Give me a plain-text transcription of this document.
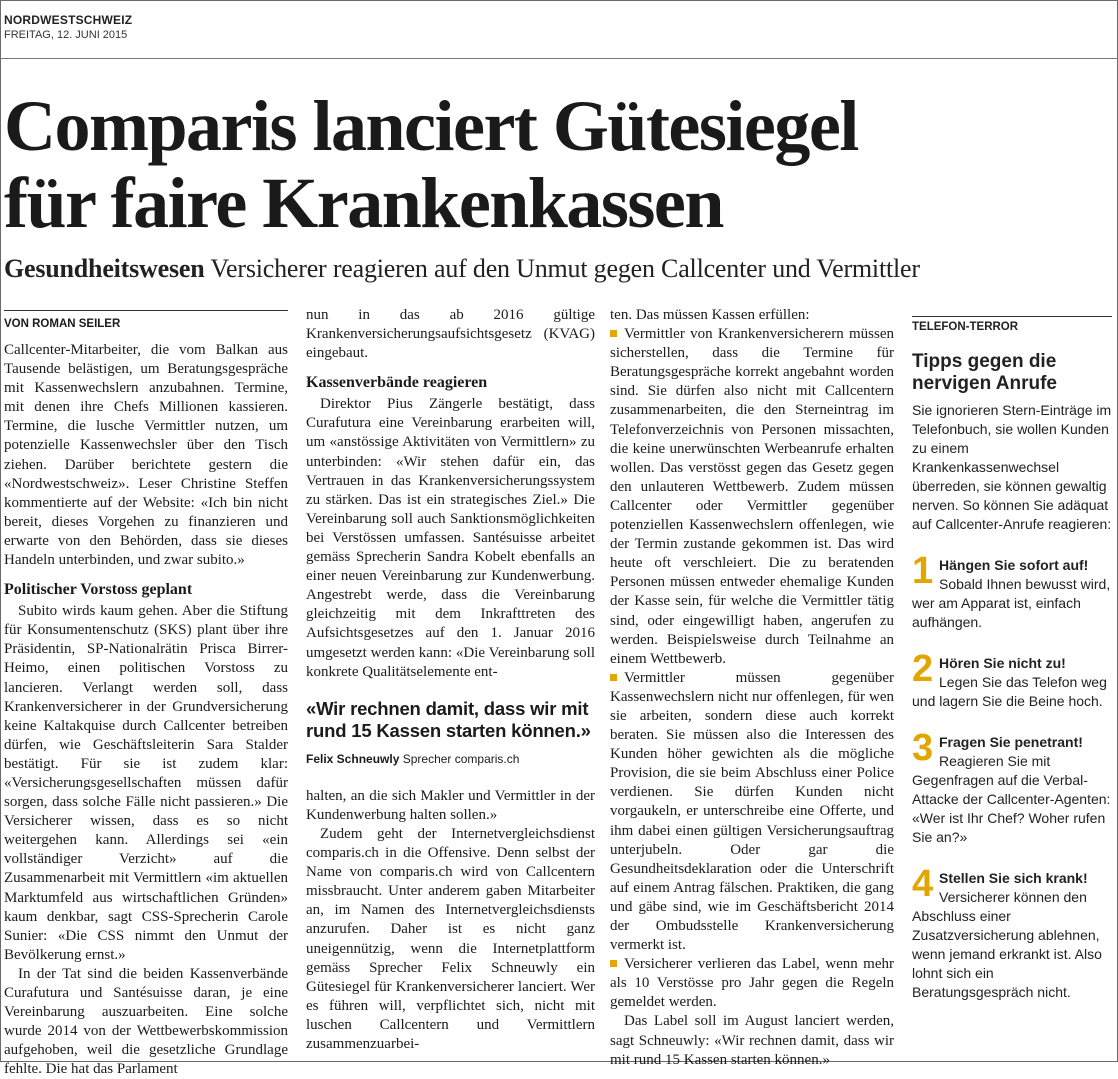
NORDWESTSCHWEIZ
FREITAG, 12. JUNI 2015
Comparis lanciert Gütesiegel
für faire Krankenkassen
Gesundheitswesen Versicherer reagieren auf den Unmut gegen Callcenter und Vermittler
VON ROMAN SEILER

Callcenter-Mitarbeiter, die vom Balkan aus Tausende belästigen, um Beratungsgespräche mit Kassenwechslern anzubahnen. Termine, mit denen ihre Chefs Millionen kassieren. Termine, die lusche Vermittler nutzen, um potenzielle Kassenwechsler über den Tisch ziehen. Darüber berichtete gestern die «Nordwestschweiz». Leser Christine Steffen kommentierte auf der Website: «Ich bin nicht bereit, dieses Vorgehen zu finanzieren und erwarte von den Behörden, dass sie dieses Handeln unterbinden, und zwar subito.»

Politischer Vorstoss geplant

Subito wirds kaum gehen. Aber die Stiftung für Konsumentenschutz (SKS) plant über ihre Präsidentin, SP-Nationalrätin Prisca Birrer-Heimo, einen politischen Vorstoss zu lancieren. Verlangt werden soll, dass Krankenversicherer in der Grundversicherung keine Kaltakquise durch Callcenter betreiben dürfen, wie Geschäftsleiterin Sara Stalder bestätigt. Für sie ist zudem klar: «Versicherungsgesellschaften müssen dafür sorgen, dass solche Fälle nicht passieren.» Die Versicherer wissen, dass es so nicht weitergehen kann. Allerdings sei «ein vollständiger Verzicht» auf die Zusammenarbeit mit Vermittlern «im aktuellen Marktumfeld aus wirtschaftlichen Gründen» kaum denkbar, sagt CSS-Sprecherin Carole Sunier: «Die CSS nimmt den Unmut der Bevölkerung ernst.»

In der Tat sind die beiden Kassenverbände Curafutura und Santésuisse daran, je eine Vereinbarung auszuarbeiten. Eine solche wurde 2014 von der Wettbewerbskommission aufgehoben, weil die gesetzliche Grundlage fehlte. Die hat das Parlament

nun in das ab 2016 gültige Krankenversicherungsaufsichtsgesetz (KVAG) eingebaut.

Kassenverbände reagieren

Direktor Pius Zängerle bestätigt, dass Curafutura eine Vereinbarung erarbeiten will, um «anstössige Aktivitäten von Vermittlern» zu unterbinden: «Wir stehen dafür ein, das Vertrauen in das Krankenversicherungssystem zu stärken. Das ist ein strategisches Ziel.» Die Vereinbarung soll auch Sanktionsmöglichkeiten bei Verstössen umfassen. Santésuisse arbeitet gemäss Sprecherin Sandra Kobelt ebenfalls an einer neuen Vereinbarung zur Kundenwerbung. Angestrebt werde, dass die Vereinbarung gleichzeitig mit dem Inkrafttreten des Aufsichtsgesetzes auf den 1. Januar 2016 umgesetzt werden kann: «Die Vereinbarung soll konkrete Qualitätselemente ent-

«Wir rechnen damit, dass wir mit rund 15 Kassen starten können.»
Felix Schneuwly Sprecher comparis.ch

halten, an die sich Makler und Vermittler in der Kundenwerbung halten sollen.»

Zudem geht der Internetvergleichsdienst comparis.ch in die Offensive. Denn selbst der Name von comparis.ch wird von Callcentern missbraucht. Unter anderem gaben Mitarbeiter an, im Namen des Internetvergleichsdiensts anzurufen. Daher ist es nicht ganz uneigennützig, wenn die Internetplattform gemäss Sprecher Felix Schneuwly ein Gütesiegel für Krankenversicherer lanciert. Wer es führen will, verpflichtet sich, nicht mit luschen Callcentern und Vermittlern zusammenzuarbei-

ten. Das müssen Kassen erfüllen:

Vermittler von Krankenversicherern müssen sicherstellen, dass die Termine für Beratungsgespräche korrekt angebahnt worden sind. Sie dürfen also nicht mit Callcentern zusammenarbeiten, die den Sterneintrag im Telefonverzeichnis von Personen missachten, die keine unerwünschten Werbeanrufe erhalten wollen. Das verstösst gegen das Gesetz gegen den unlauteren Wettbewerb. Zudem müssen Callcenter oder Vermittler gegenüber potenziellen Kassenwechslern offenlegen, wie der Termin zustande gekommen ist. Das wird heute oft verschleiert. Die zu beratenden Personen müssen entweder ehemalige Kunden der Kasse sein, für welche die Vermittler tätig sind, oder eingewilligt haben, angerufen zu werden. Beispielsweise durch Teilnahme an einem Wettbewerb.

Vermittler müssen gegenüber Kassenwechslern nicht nur offenlegen, für wen sie arbeiten, sondern diese auch korrekt beraten. Sie müssen also die Interessen des Kunden höher gewichten als die mögliche Provision, die sie beim Abschluss einer Police verdienen. Sie dürfen Kunden nicht vorgaukeln, er unterschreibe eine Offerte, und ihm dabei einen gültigen Versicherungsauftrag unterjubeln. Oder gar die Gesundheitsdeklaration oder die Unterschrift auf einem Antrag fälschen. Praktiken, die gang und gäbe sind, wie im Geschäftsbericht 2014 der Ombudsstelle Krankenversicherung vermerkt ist.

Versicherer verlieren das Label, wenn mehr als 10 Verstösse pro Jahr gegen die Regeln gemeldet werden.

Das Label soll im August lanciert werden, sagt Schneuwly: «Wir rechnen damit, dass wir mit rund 15 Kassen starten können.»

TELEFON-TERROR
Tipps gegen die nervigen Anrufe
Sie ignorieren Stern-Einträge im Telefonbuch, sie wollen Kunden zu einem Krankenkassenwechsel überreden, sie können gewaltig nerven. So können Sie adäquat auf Callcenter-Anrufe reagieren:
1 Hängen Sie sofort auf!
Sobald Ihnen bewusst wird, wer am Apparat ist, einfach aufhängen.
2 Hören Sie nicht zu!
Legen Sie das Telefon weg und lagern Sie die Beine hoch.
3 Fragen Sie penetrant!
Reagieren Sie mit Gegenfragen auf die Verbal-Attacke der Callcenter-Agenten: «Wer ist Ihr Chef? Woher rufen Sie an?»
4 Stellen Sie sich krank!
Versicherer können den Abschluss einer Zusatzversicherung ablehnen, wenn jemand erkrankt ist. Also lohnt sich ein Beratungsgespräch nicht.
